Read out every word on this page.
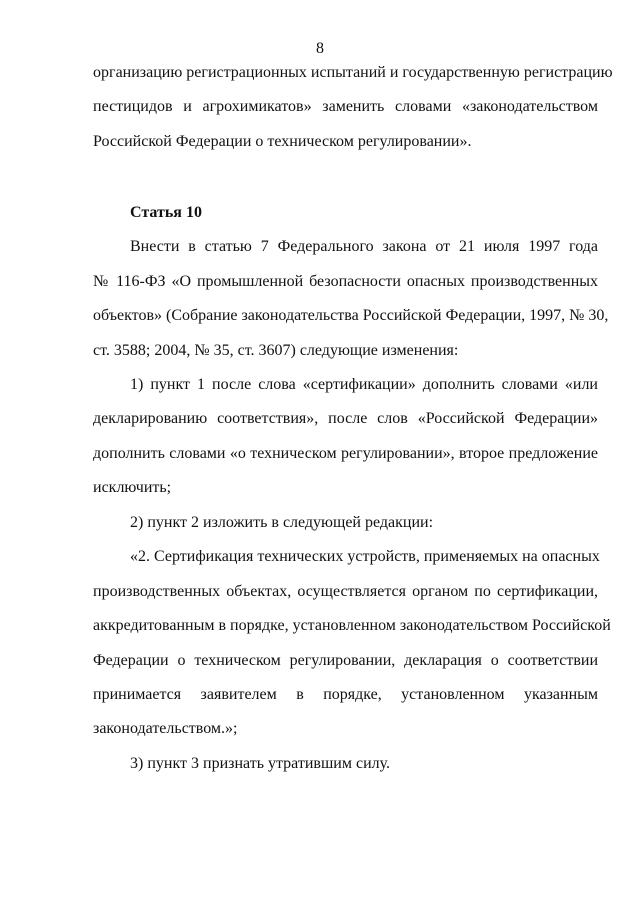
8
организацию регистрационных испытаний и государственную регистрацию
пестицидов и агрохимикатов» заменить словами «законодательством
Российской Федерации о техническом регулировании».
Статья 10
Внести в статью 7 Федерального закона от 21 июля 1997 года
№ 116-ФЗ «О промышленной безопасности опасных производственных
объектов» (Собрание законодательства Российской Федерации, 1997, № 30,
ст. 3588; 2004, № 35, ст. 3607) следующие изменения:
1) пункт 1 после слова «сертификации» дополнить словами «или
декларированию соответствия», после слов «Российской Федерации»
дополнить словами «о техническом регулировании», второе предложение
исключить;
2) пункт 2 изложить в следующей редакции:
«2. Сертификация технических устройств, применяемых на опасных
производственных объектах, осуществляется органом по сертификации,
аккредитованным в порядке, установленном законодательством Российской
Федерации о техническом регулировании, декларация о соответствии
принимается заявителем в порядке, установленном указанным
законодательством.»;
3) пункт 3 признать утратившим силу.
